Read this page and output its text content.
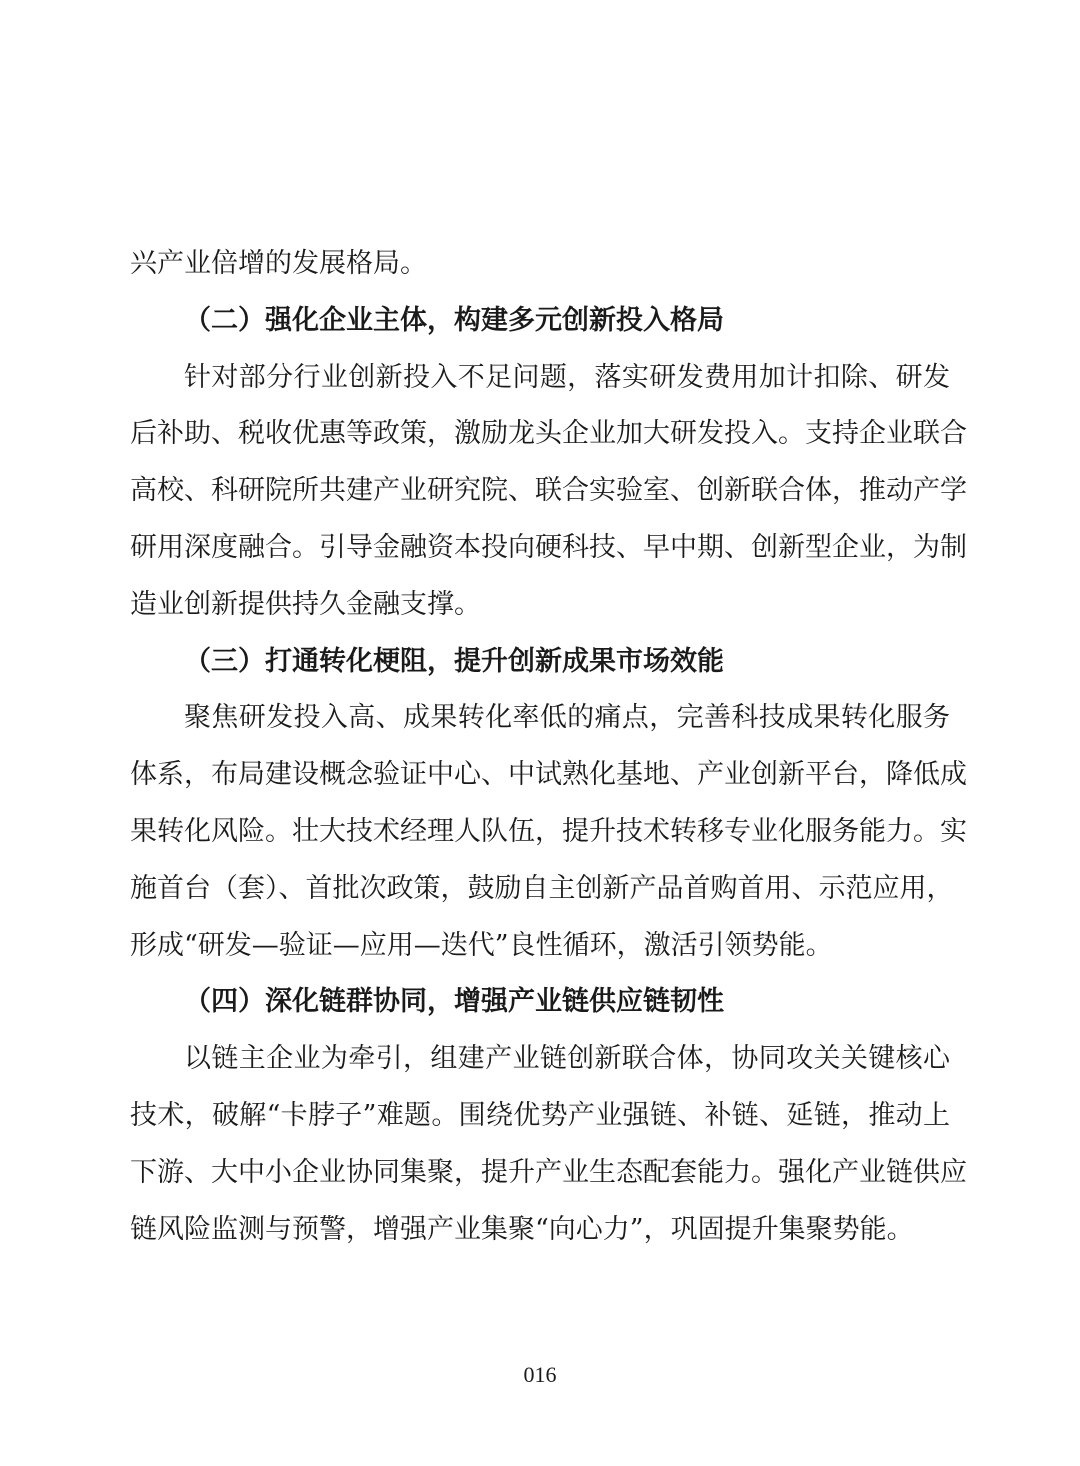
兴产业倍增的发展格局。
（二）强化企业主体，构建多元创新投入格局
针对部分行业创新投入不足问题，落实研发费用加计扣除、研发
后补助、税收优惠等政策，激励龙头企业加大研发投入。支持企业联合
高校、科研院所共建产业研究院、联合实验室、创新联合体，推动产学
研用深度融合。引导金融资本投向硬科技、早中期、创新型企业，为制
造业创新提供持久金融支撑。
（三）打通转化梗阻，提升创新成果市场效能
聚焦研发投入高、成果转化率低的痛点，完善科技成果转化服务
体系，布局建设概念验证中心、中试熟化基地、产业创新平台，降低成
果转化风险。壮大技术经理人队伍，提升技术转移专业化服务能力。实
施首台（套）、首批次政策，鼓励自主创新产品首购首用、示范应用，
形成“研发—验证—应用—迭代”良性循环，激活引领势能。
（四）深化链群协同，增强产业链供应链韧性
以链主企业为牵引，组建产业链创新联合体，协同攻关关键核心
技术，破解“卡脖子”难题。围绕优势产业强链、补链、延链，推动上
下游、大中小企业协同集聚，提升产业生态配套能力。强化产业链供应
链风险监测与预警，增强产业集聚“向心力”，巩固提升集聚势能。
016
